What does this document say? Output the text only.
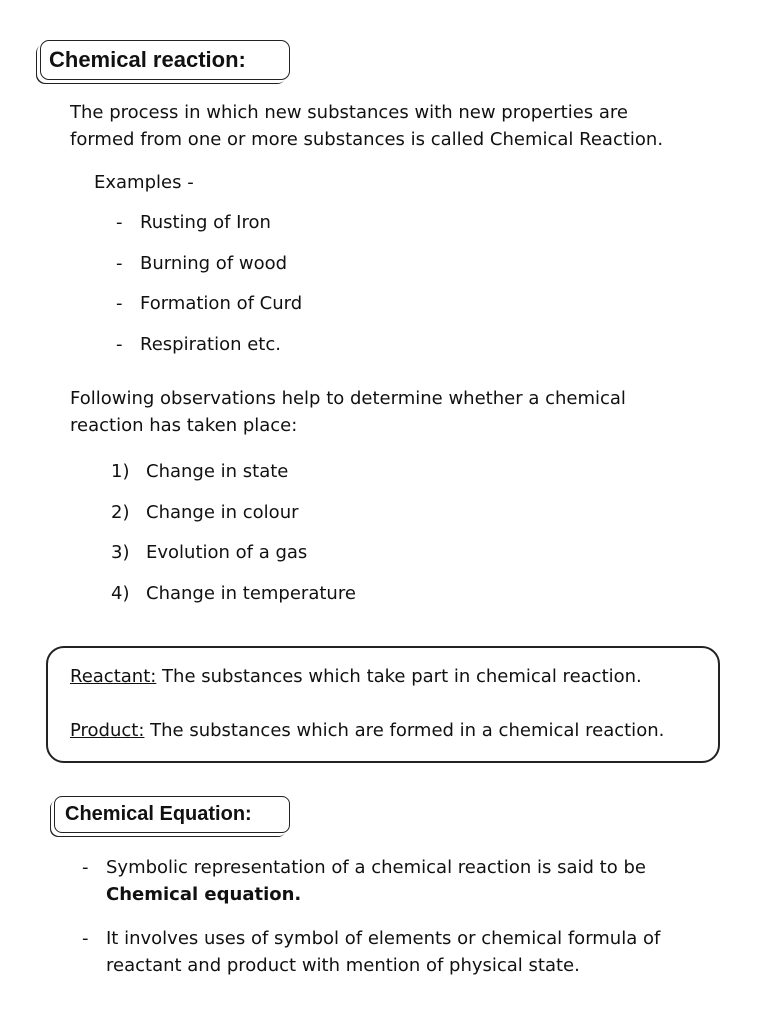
Chemical reaction:
The process in which new substances with new properties are
formed from one or more substances is called Chemical Reaction.
Examples -
- Rusting of Iron
- Burning of wood
- Formation of Curd
- Respiration etc.
Following observations help to determine whether a chemical
reaction has taken place:
1) Change in state
2) Change in colour
3) Evolution of a gas
4) Change in temperature
Reactant: The substances which take part in chemical reaction.
Product: The substances which are formed in a chemical reaction.
Chemical Equation:
- Symbolic representation of a chemical reaction is said to be
Chemical equation.
- It involves uses of symbol of elements or chemical formula of
reactant and product with mention of physical state.
